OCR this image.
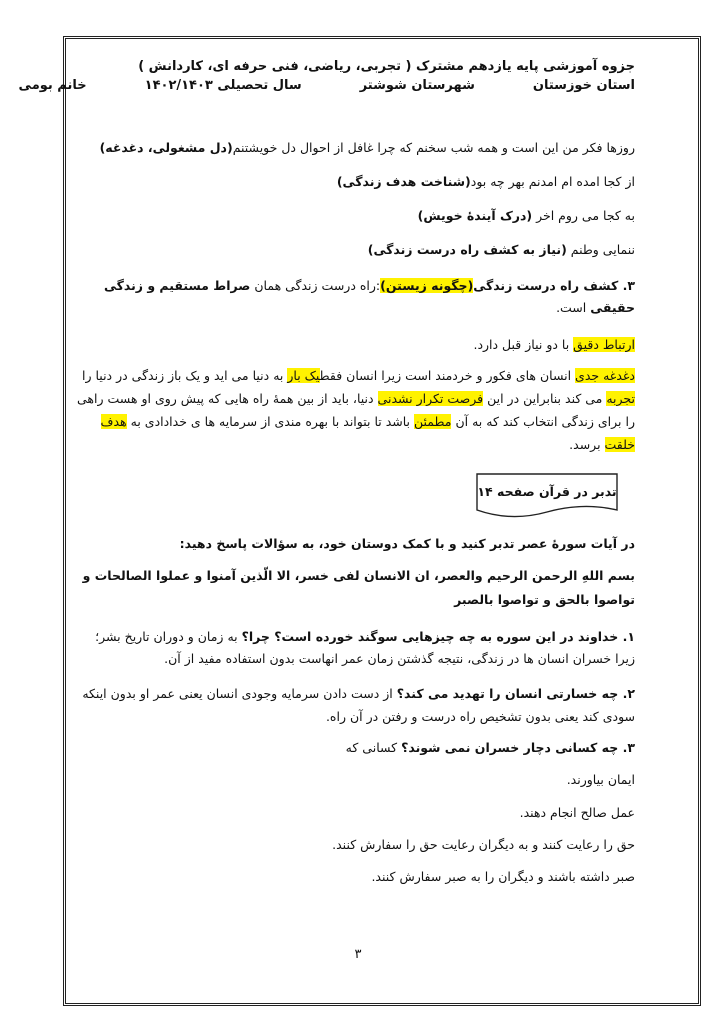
جزوه آموزشی پایه یازدهم مشترک ( تجربی، ریاضی، فنی حرفه ای، کاردانش )
استان خوزستان
شهرستان شوشتر
سال تحصیلی ۱۴۰۲/۱۴۰۳
خانم بومی

روزها فکر من این است و همه شب سخنم که چرا غافل از احوال دل خویشتنم(دل مشغولی، دغدغه)

از کجا امده ام امدنم بهر چه بود(شناخت هدف زندگی)

به کجا می روم اخر (درک آیندهٔ خویش)

ننمایی وطنم (نیاز به کشف راه درست زندگی)

۳. کشف راه درست زندگی(چگونه زیستن):راه درست زندگی همان صراط مستقیم و زندگی حقیقی است.

ارتباط دقیق با دو نیاز قبل دارد.

دغدغه جدی انسان های فکور و خردمند است زیرا انسان فقطیک بار به دنیا می اید و یک باز زندگی در دنیا را تجربه می کند بنابراین در این فرصت تکرار نشدنی دنیا، باید از بین همهٔ راه هایی که پیش روی او هست راهی را برای زندگی انتخاب کند که به آن مطمئن باشد تا بتواند با بهره مندی از سرمایه ها ی خدادادی به هدف خلقت برسد.

تدبر در قرآن صفحه ۱۴

در آیات سورهٔ عصر تدبر کنید و با کمک دوستان خود، به سؤالات پاسخ دهید:

بسم اللهِ الرحمن الرحیم والعصر، ان الانسان لفی خسر، الا الّذین آمنوا و عملوا الصالحات و تواصوا بالحق و تواصوا بالصبر

۱. خداوند در این سوره به چه چیزهایی سوگند خورده است؟ چرا؟ به زمان و دوران تاریخ بشر؛ زیرا خسران انسان ها در زندگی، نتیجه گذشتن زمان عمر انهاست بدون استفاده مفید از آن.

۲. چه خسارتی انسان را تهدید می کند؟ از دست دادن سرمایه وجودی انسان یعنی عمر او بدون اینکه سودی کند یعنی بدون تشخیص راه درست و رفتن در آن راه.

۳. چه کسانی دچار خسران نمی شوند؟ کسانی که

ایمان بیاورند.

عمل صالح انجام دهند.

حق را رعایت کنند و به دیگران رعایت حق را سفارش کنند.

صبر داشته باشند و دیگران را به صبر سفارش کنند.

۳
